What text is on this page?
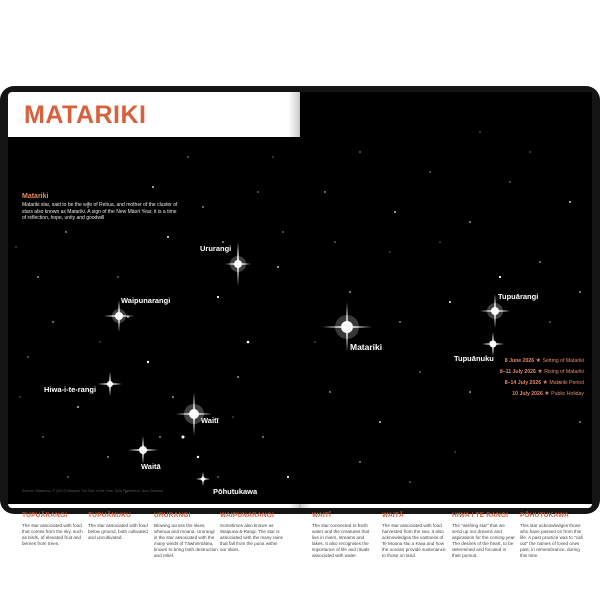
MATARIKI
Matariki
Matariki star, said to be the wife of Rehua, and mother of the cluster of stars also known as Matariki. A sign of the New Māori Year, it is a time of reflection, hope, unity and goodwill
Ururangi
Waipunarangi
Hiwa-i-te-rangi
Waitī
Waitā
Pōhutukawa
TUPUĀRANGI

The star associated with food that comes from the sky, such as birds, of elevated fruit and berries from trees.

TUPUĀNUKU

The star associated with food below ground, both cultivated and uncultivated.

URURANGI

Blowing across the skies, whenua and moana, Ururangi is the star associated with the many winds of Tāwhirimātea, known to bring both destruction and relief.

WAIPUNARANGI

Sometimes also known as Waipuna-ā-Rangi. The star is associated with the many rains that fall from the puna within our skies.

Matariki
Tupuārangi
Tupuānuku	8 June 2026 ★ Setting of Matariki
8–11 July 2026 ★ Rising of Matariki
8–14 July 2026 ★ Matariki Period
10 July 2026 ★ Public Holiday
WAITĪ

The star connected to fresh water and the creatures that live in rivers, streams and lakes. It also recognises the importance of life and rituals associated with water.

WAITĀ

The star associated with food harvested from the sea. It also acknowledges the vastness of Te Moana Nui a Kiwa and how the oceans provide sustenance to those on land.

HIWA I TE RANGI

The "wishing star" that we send up our dreams and aspirations for the coming year. The desires of the heart, to be determined and focused in their pursuit.

PŌHUTUKAWA

This star acknowledges those who have passed on from this life. A past practice was to "call out" the names of loved ones past, in remembrance, during this time.

Source: Matamua, R (2017) Matariki The Star of the Year, Huia Publishers, New Zealand
